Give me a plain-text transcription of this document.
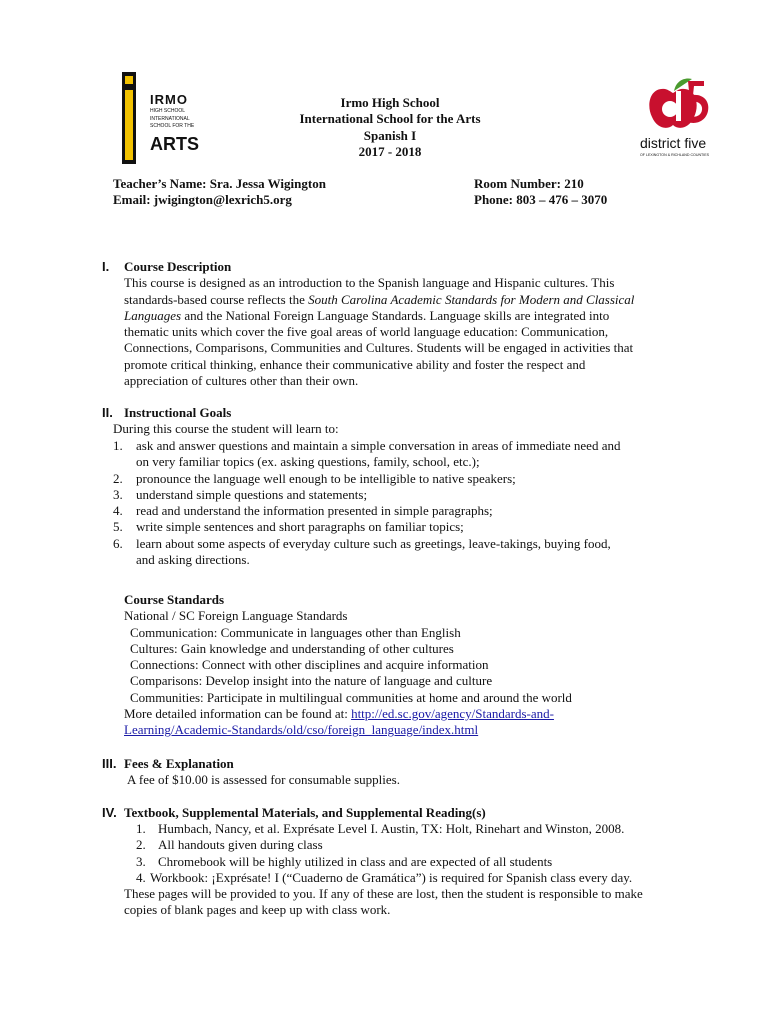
IRMO
HIGH SCHOOL
INTERNATIONAL
SCHOOL FOR THE
ARTS	district five
OF LEXINGTON & RICHLAND COUNTIES
Irmo High School
International School for the Arts
Spanish I
2017 - 2018
Teacher’s Name: Sra. Jessa Wigington
Email: jwigington@lexrich5.org
Room Number: 210
Phone: 803 – 476 – 3070
I. Course Description
This course is designed as an introduction to the Spanish language and Hispanic cultures. This
standards-based course reflects the South Carolina Academic Standards for Modern and Classical
Languages and the National Foreign Language Standards. Language skills are integrated into
thematic units which cover the five goal areas of world language education: Communication,
Connections, Comparisons, Communities and Cultures. Students will be engaged in activities that
promote critical thinking, enhance their communicative ability and foster the respect and
appreciation of cultures other than their own.
II. Instructional Goals
During this course the student will learn to:
1. ask and answer questions and maintain a simple conversation in areas of immediate need and
on very familiar topics (ex. asking questions, family, school, etc.);
2. pronounce the language well enough to be intelligible to native speakers;
3. understand simple questions and statements;
4. read and understand the information presented in simple paragraphs;
5. write simple sentences and short paragraphs on familiar topics;
6. learn about some aspects of everyday culture such as greetings, leave-takings, buying food,
and asking directions.
Course Standards
National / SC Foreign Language Standards
Communication: Communicate in languages other than English
Cultures: Gain knowledge and understanding of other cultures
Connections: Connect with other disciplines and acquire information
Comparisons: Develop insight into the nature of language and culture
Communities: Participate in multilingual communities at home and around the world
More detailed information can be found at: http://ed.sc.gov/agency/Standards-and-
Learning/Academic-Standards/old/cso/foreign_language/index.html
III. Fees & Explanation
A fee of $10.00 is assessed for consumable supplies.
IV. Textbook, Supplemental Materials, and Supplemental Reading(s)
1. Humbach, Nancy, et al. Exprésate Level I. Austin, TX: Holt, Rinehart and Winston, 2008.
2. All handouts given during class
3. Chromebook will be highly utilized in class and are expected of all students
4. Workbook: ¡Exprésate! I (“Cuaderno de Gramática”) is required for Spanish class every day.
These pages will be provided to you. If any of these are lost, then the student is responsible to make
copies of blank pages and keep up with class work.
